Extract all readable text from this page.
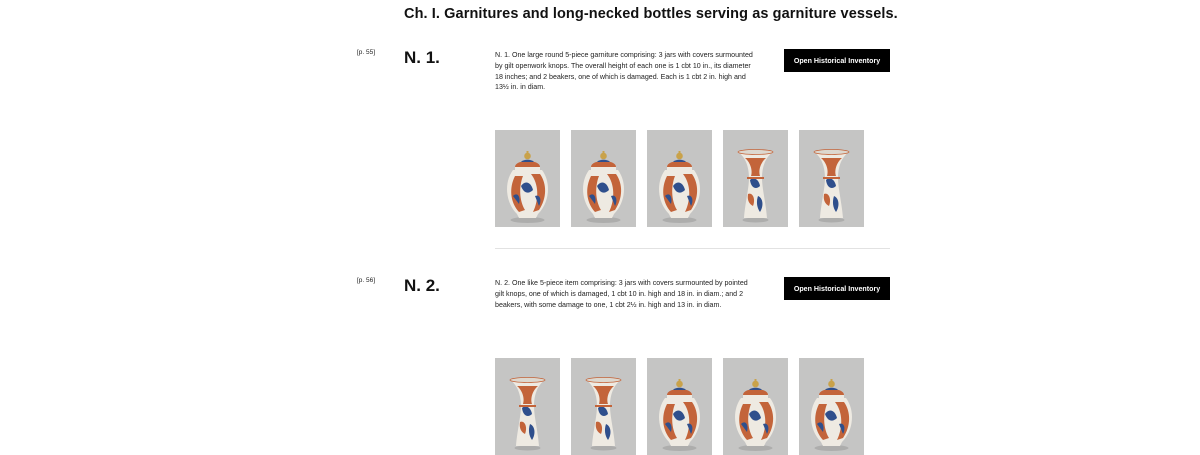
Ch. I. Garnitures and long-necked bottles serving as garniture vessels.
[p. 55] N. 1.	N. 1. One large round 5-piece garniture comprising: 3 jars with covers surmounted by gilt openwork knops. The overall height of each one is 1 cbt 10 in., its diameter 18 inches; and 2 beakers, one of which is damaged. Each is 1 cbt 2 in. high and 13½ in. in diam.

Open Historical Inventory
[p. 56] N. 2.	N. 2. One like 5-piece item comprising: 3 jars with covers surmounted by pointed gilt knops, one of which is damaged, 1 cbt 10 in. high and 18 in. in diam.; and 2 beakers, with some damage to one, 1 cbt 2½ in. high and 13 in. in diam.

Open Historical Inventory
